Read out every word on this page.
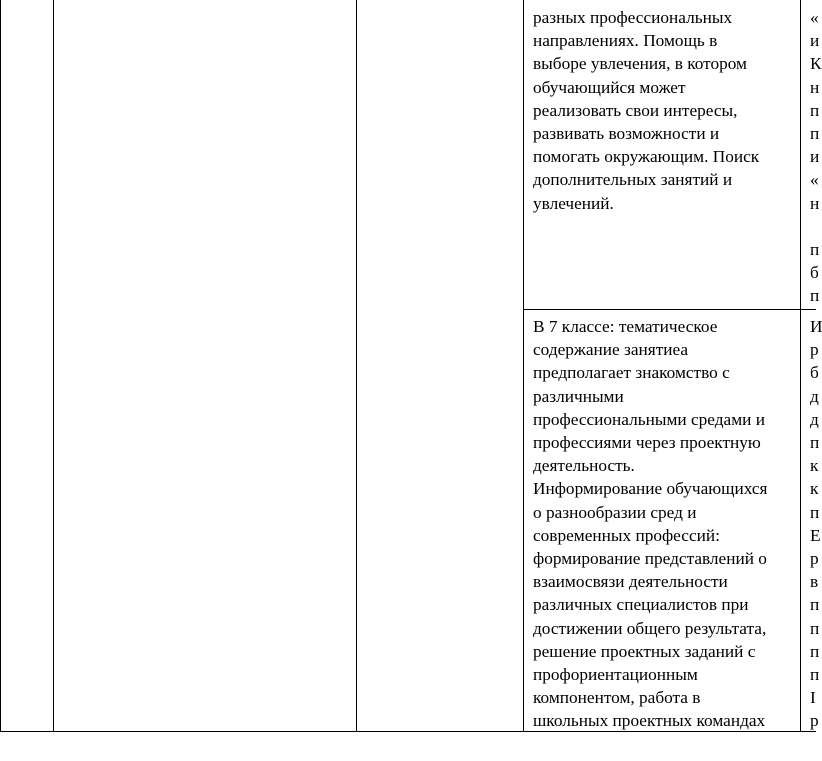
разных профессиональных
направлениях. Помощь в
выборе увлечения, в котором
обучающийся может
реализовать свои интересы,
развивать возможности и
помогать окружающим. Поиск
дополнительных занятий и
увлечений.
«
и
К
н
п
п
и
«
н

п
б
п
В 7 классе: тематическое
содержание занятиеа
предполагает знакомство с
различными
профессиональными средами и
профессиями через проектную
деятельность.
Информирование обучающихся
о разнообразии сред и
современных профессий:
формирование представлений о
взаимосвязи деятельности
различных специалистов при
достижении общего результата,
решение проектных заданий с
профориентационным
компонентом, работа в
школьных проектных командах
И
р
б
д
д
п
к
к
п
Е
р
в
п
п
п
п
I
р
